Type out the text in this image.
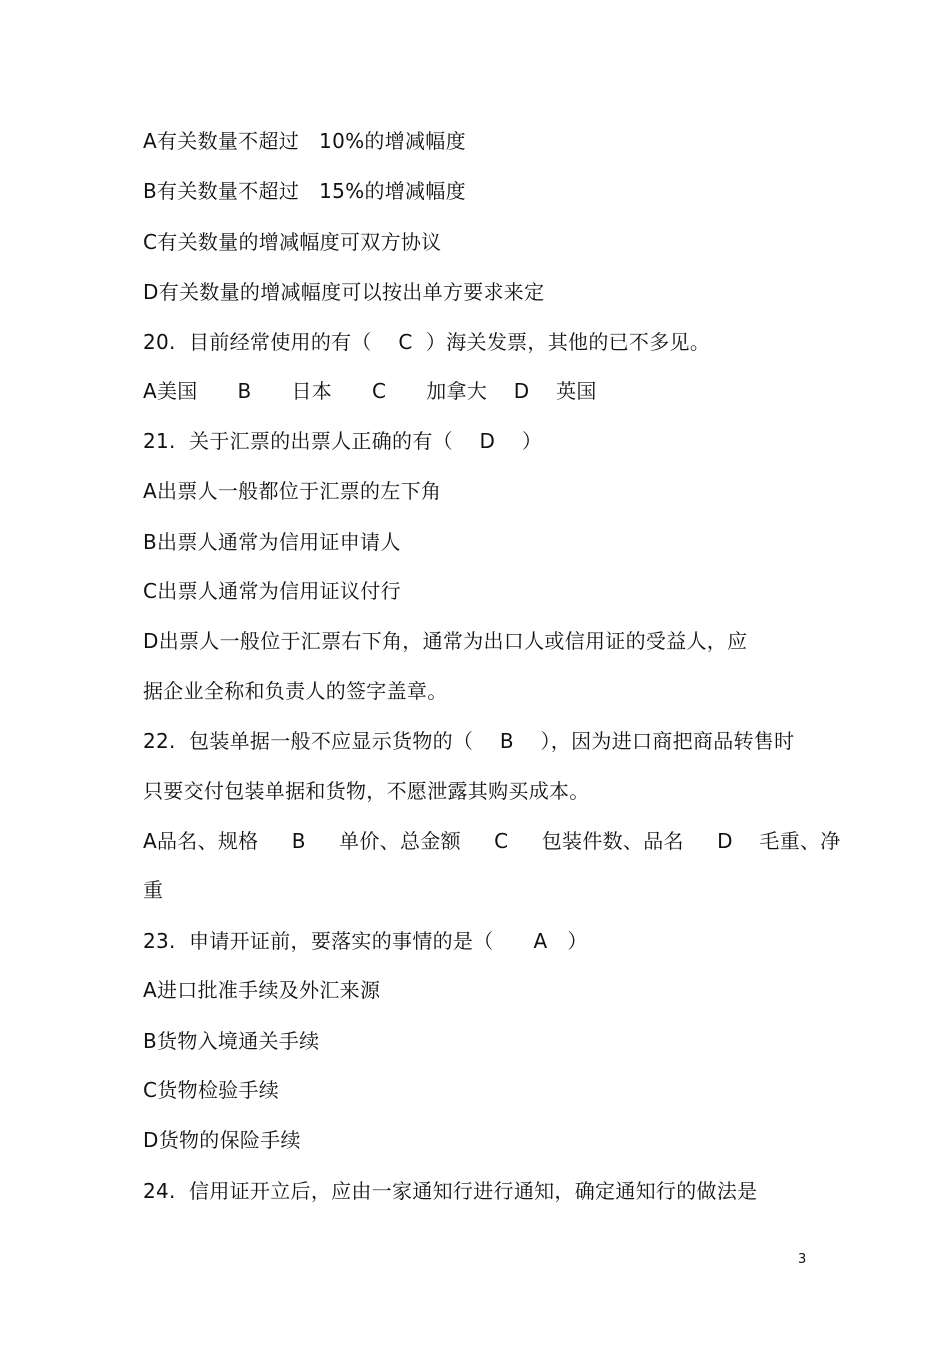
A有关数量不超过   10%的增减幅度
B有关数量不超过   15%的增减幅度
C有关数量的增减幅度可双方协议
D有关数量的增减幅度可以按出单方要求来定
20.  目前经常使用的有（    C  ）海关发票，其他的已不多见。
A美国      B      日本      C      加拿大    D    英国
21.  关于汇票的出票人正确的有（    D    ）
A出票人一般都位于汇票的左下角
B出票人通常为信用证申请人
C出票人通常为信用证议付行
D出票人一般位于汇票右下角，通常为出口人或信用证的受益人，应
据企业全称和负责人的签字盖章。
22.  包装单据一般不应显示货物的（    B    ），因为进口商把商品转售时
只要交付包装单据和货物，不愿泄露其购买成本。
A品名、规格     B     单价、总金额     C     包装件数、品名     D    毛重、净
重
23.  申请开证前，要落实的事情的是（      A   ）
A进口批准手续及外汇来源
B货物入境通关手续
C货物检验手续
D货物的保险手续
24.  信用证开立后，应由一家通知行进行通知，确定通知行的做法是
3
